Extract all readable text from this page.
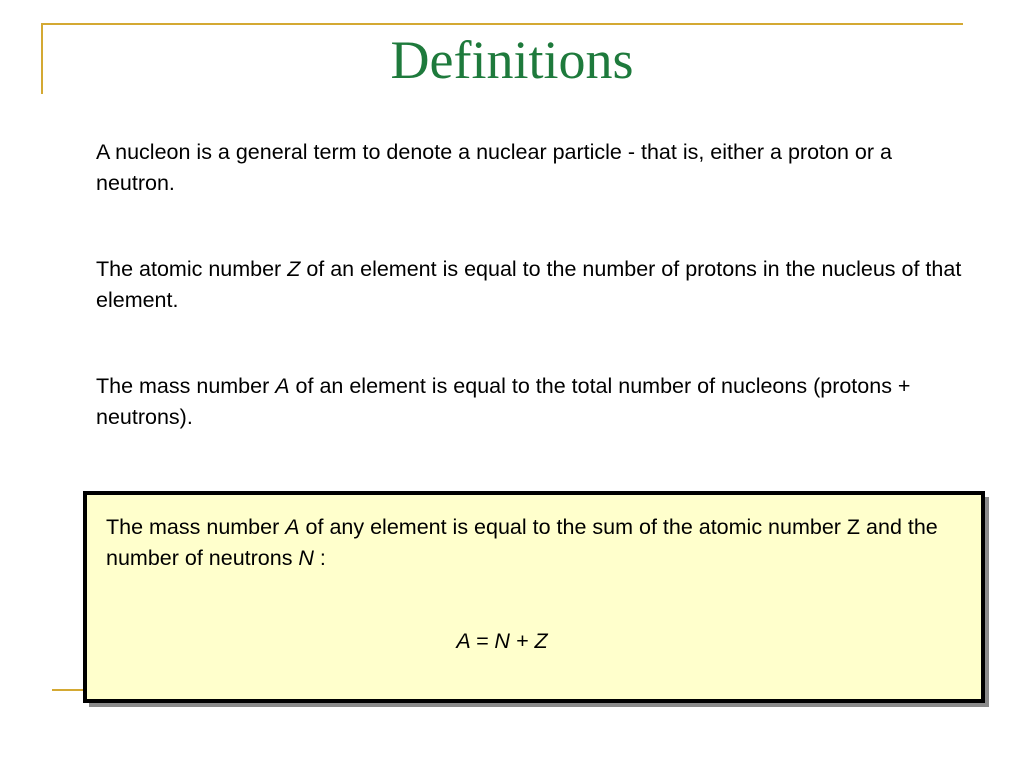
Definitions
A nucleon is a general term to denote a nuclear particle - that is, either a proton or a neutron.
The atomic number Z of an element is equal to the number of protons in the nucleus of that element.
The mass number A of an element is equal to the total number of nucleons (protons + neutrons).
The mass number A of any element is equal to the sum of the atomic number Z and the number of neutrons N :
A = N + Z
